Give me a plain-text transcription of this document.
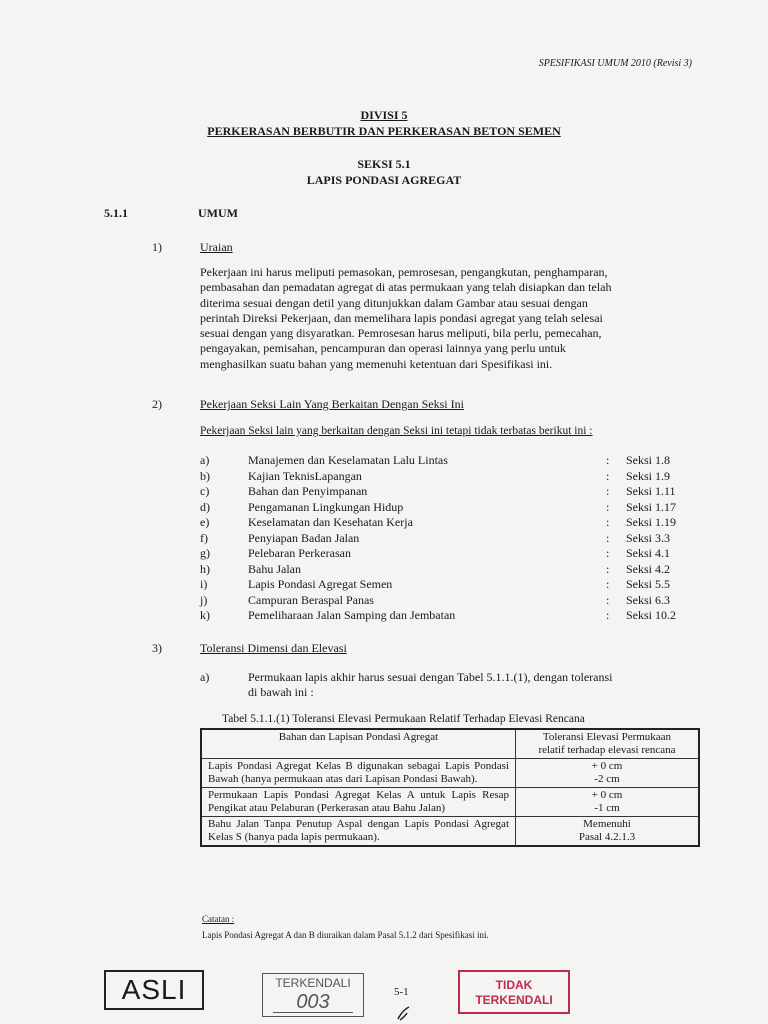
SPESIFIKASI UMUM 2010 (Revisi 3)
DIVISI 5
PERKERASAN BERBUTIR DAN PERKERASAN BETON SEMEN
SEKSI 5.1
LAPIS PONDASI AGREGAT
5.1.1	UMUM
1)	Uraian
Pekerjaan ini harus meliputi pemasokan, pemrosesan, pengangkutan, penghamparan,
pembasahan dan pemadatan agregat di atas permukaan yang telah disiapkan dan telah
diterima sesuai dengan detil yang ditunjukkan dalam Gambar atau sesuai dengan
perintah Direksi Pekerjaan, dan memelihara lapis pondasi agregat yang telah selesai
sesuai dengan yang disyaratkan. Pemrosesan harus meliputi, bila perlu, pemecahan,
pengayakan, pemisahan, pencampuran dan operasi lainnya yang perlu untuk
menghasilkan suatu bahan yang memenuhi ketentuan dari Spesifikasi ini.
2)	Pekerjaan Seksi Lain Yang Berkaitan Dengan Seksi Ini
Pekerjaan Seksi lain yang berkaitan dengan Seksi ini tetapi tidak terbatas berikut ini :
a)	Manajemen dan Keselamatan Lalu Lintas	: Seksi 1.8
b)	Kajian TeknisLapangan	: Seksi 1.9
c)	Bahan dan Penyimpanan	: Seksi 1.11
d)	Pengamanan Lingkungan Hidup	: Seksi 1.17
e)	Keselamatan dan Kesehatan Kerja	: Seksi 1.19
f)	Penyiapan Badan Jalan	: Seksi 3.3
g)	Pelebaran Perkerasan	: Seksi 4.1
h)	Bahu Jalan	: Seksi 4.2
i)	Lapis Pondasi Agregat Semen	: Seksi 5.5
j)	Campuran Beraspal Panas	: Seksi 6.3
k)	Pemeliharaan Jalan Samping dan Jembatan	: Seksi 10.2
3)	Toleransi Dimensi dan Elevasi
a)	Permukaan lapis akhir harus sesuai dengan Tabel 5.1.1.(1), dengan toleransi
di bawah ini :
Tabel 5.1.1.(1) Toleransi Elevasi Permukaan Relatif Terhadap Elevasi Rencana
Bahan dan Lapisan Pondasi Agregat	Toleransi Elevasi Permukaan
relatif terhadap elevasi rencana
Lapis Pondasi Agregat Kelas B digunakan sebagai Lapis Pondasi Bawah (hanya permukaan atas dari Lapisan Pondasi Bawah).	+ 0 cm
-2 cm
Permukaan Lapis Pondasi Agregat Kelas A untuk Lapis Resap Pengikat atau Pelaburan (Perkerasan atau Bahu Jalan)	+ 0 cm
-1 cm
Bahu Jalan Tanpa Penutup Aspal dengan Lapis Pondasi Agregat Kelas S (hanya pada lapis permukaan).	Memenuhi
Pasal 4.2.1.3
Catatan :
Lapis Pondasi Agregat A dan B diuraikan dalam Pasal 5.1.2 dari Spesifikasi ini.
ASLI	TERKENDALI
003	5-1	TIDAK
TERKENDALI
